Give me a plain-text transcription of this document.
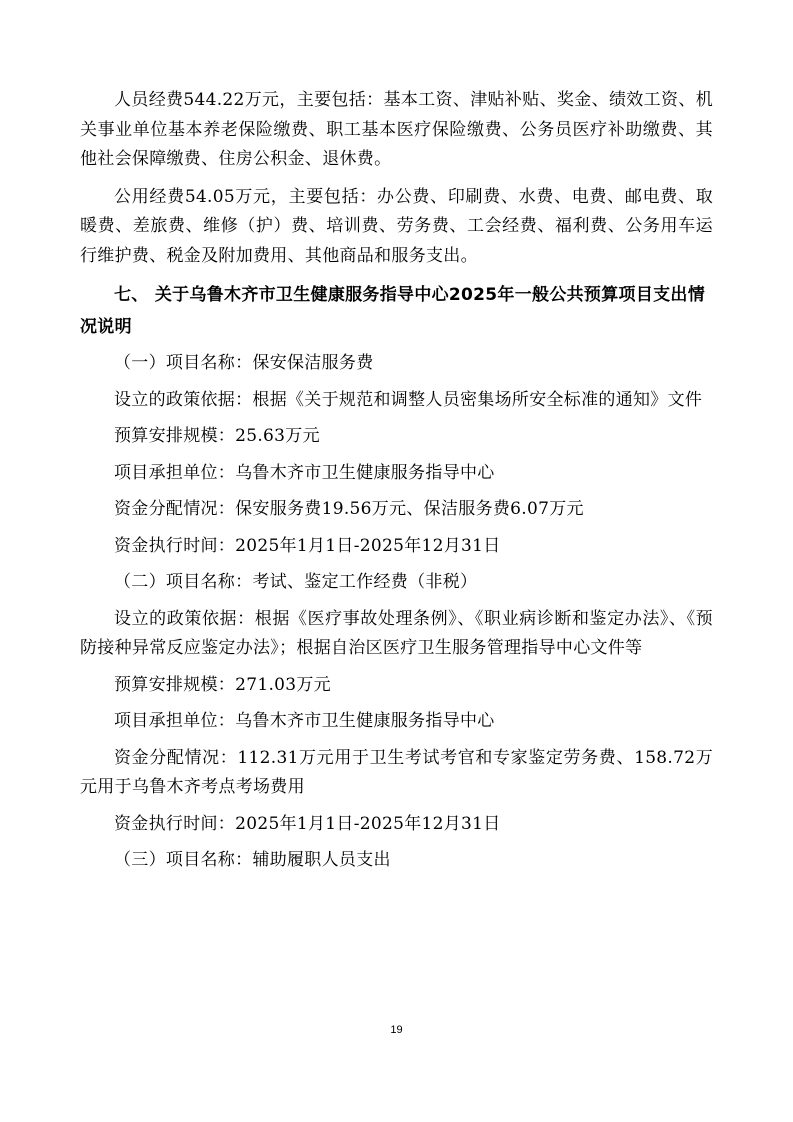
人员经费544.22万元，主要包括：基本工资、津贴补贴、奖金、绩效工资、机关事业单位基本养老保险缴费、职工基本医疗保险缴费、公务员医疗补助缴费、其他社会保障缴费、住房公积金、退休费。

公用经费54.05万元，主要包括：办公费、印刷费、水费、电费、邮电费、取暖费、差旅费、维修（护）费、培训费、劳务费、工会经费、福利费、公务用车运行维护费、税金及附加费用、其他商品和服务支出。

七、 关于乌鲁木齐市卫生健康服务指导中心2025年一般公共预算项目支出情况说明

（一）项目名称：保安保洁服务费

设立的政策依据：根据《关于规范和调整人员密集场所安全标准的通知》文件

预算安排规模：25.63万元

项目承担单位：乌鲁木齐市卫生健康服务指导中心

资金分配情况：保安服务费19.56万元、保洁服务费6.07万元

资金执行时间：2025年1月1日-2025年12月31日

（二）项目名称：考试、鉴定工作经费（非税）

设立的政策依据：根据《医疗事故处理条例》、《职业病诊断和鉴定办法》、《预防接种异常反应鉴定办法》；根据自治区医疗卫生服务管理指导中心文件等

预算安排规模：271.03万元

项目承担单位：乌鲁木齐市卫生健康服务指导中心

资金分配情况：112.31万元用于卫生考试考官和专家鉴定劳务费、158.72万元用于乌鲁木齐考点考场费用

资金执行时间：2025年1月1日-2025年12月31日

（三）项目名称：辅助履职人员支出

19
